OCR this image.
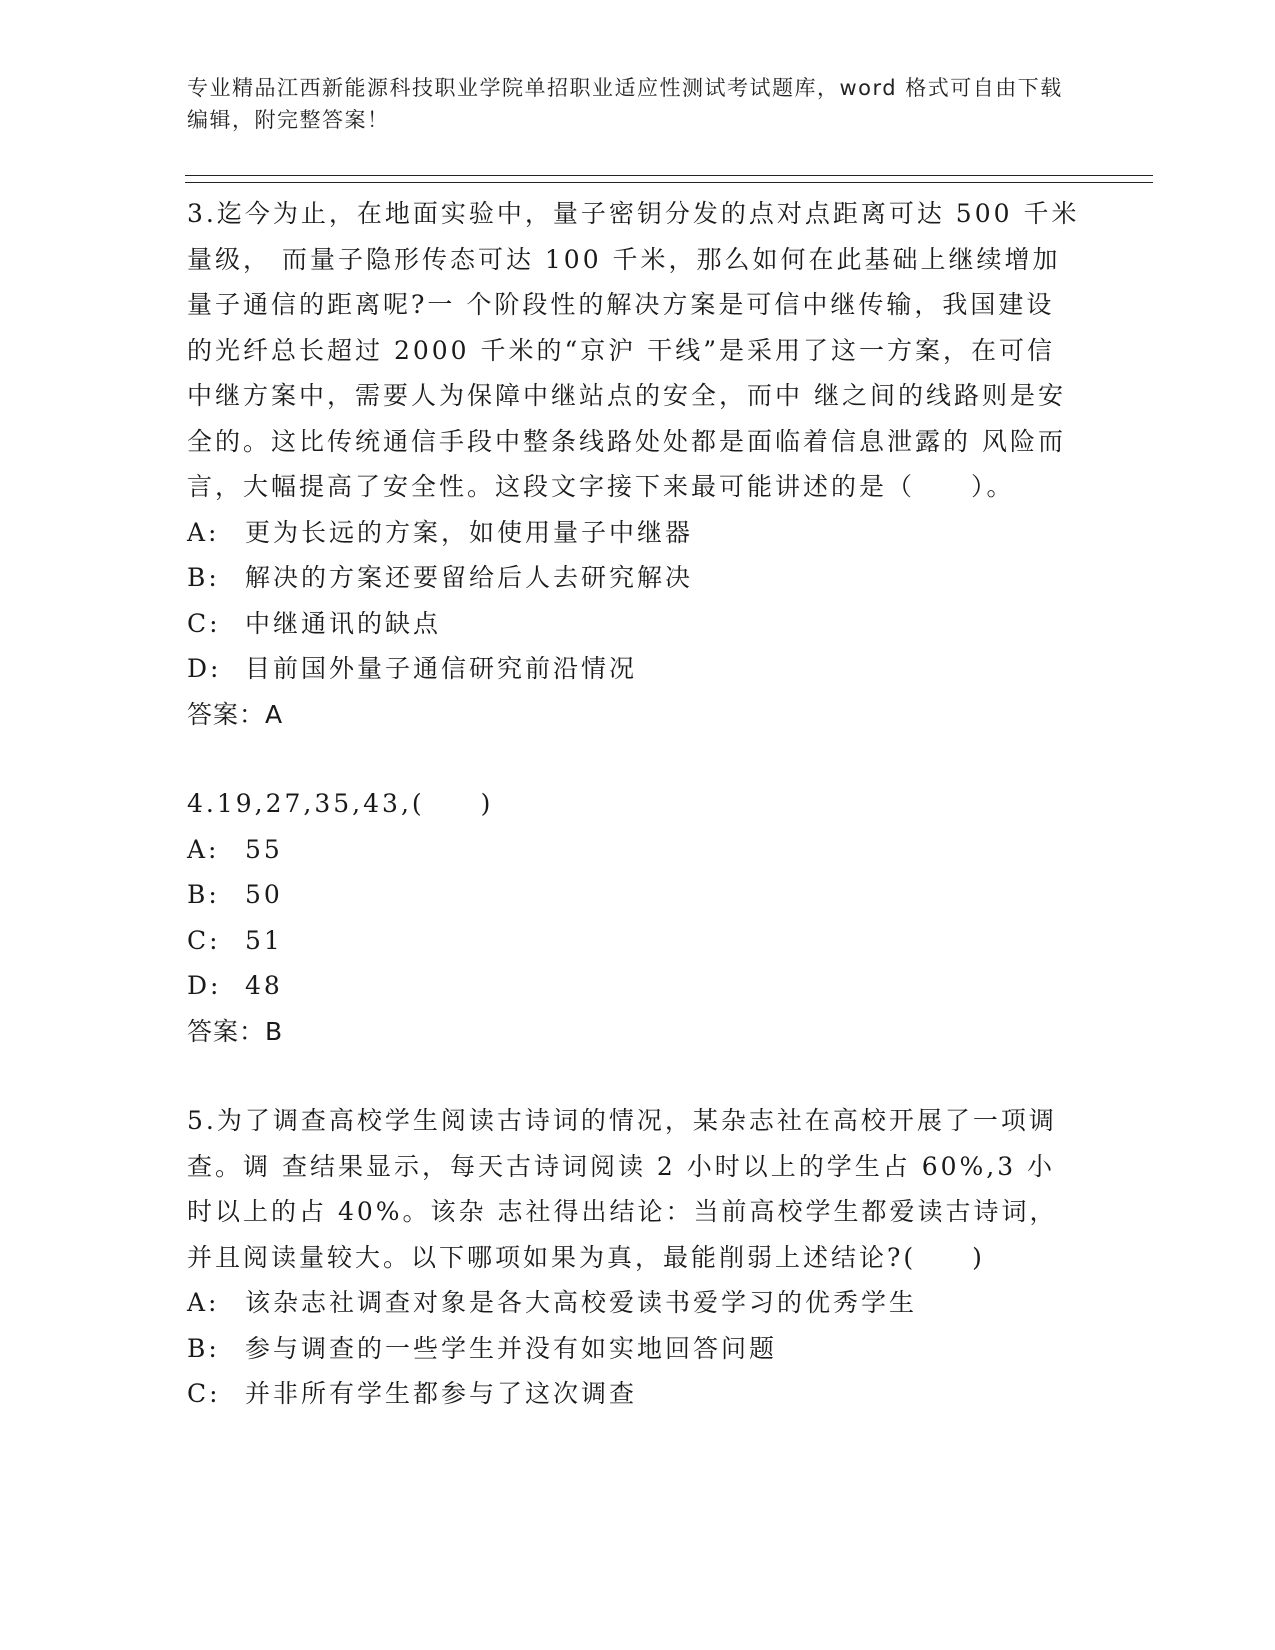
专业精品江西新能源科技职业学院单招职业适应性测试考试题库，word 格式可自由下载编辑，附完整答案！
3.迄今为止，在地面实验中，量子密钥分发的点对点距离可达 500 千米量级， 而量子隐形传态可达 100 千米，那么如何在此基础上继续增加量子通信的距离呢?一 个阶段性的解决方案是可信中继传输，我国建设的光纤总长超过 2000 千米的“京沪 干线”是采用了这一方案，在可信中继方案中，需要人为保障中继站点的安全，而中 继之间的线路则是安全的。这比传统通信手段中整条线路处处都是面临着信息泄露的 风险而言，大幅提高了安全性。这段文字接下来最可能讲述的是（　　）。
A:	更为长远的方案，如使用量子中继器
B:	解决的方案还要留给后人去研究解决
C: 中继通讯的缺点
D: 目前国外量子通信研究前沿情况
答案：A
4.19,27,35,43,(　　)
A:	55
B:	50
C: 51
D: 48
答案：B
5.为了调查高校学生阅读古诗词的情况，某杂志社在高校开展了一项调查。调 查结果显示，每天古诗词阅读 2 小时以上的学生占 60%,3 小时以上的占 40%。该杂 志社得出结论：当前高校学生都爱读古诗词，并且阅读量较大。以下哪项如果为真，最能削弱上述结论?(　　)
A:	该杂志社调查对象是各大高校爱读书爱学习的优秀学生
B:	参与调查的一些学生并没有如实地回答问题
C: 并非所有学生都参与了这次调查
